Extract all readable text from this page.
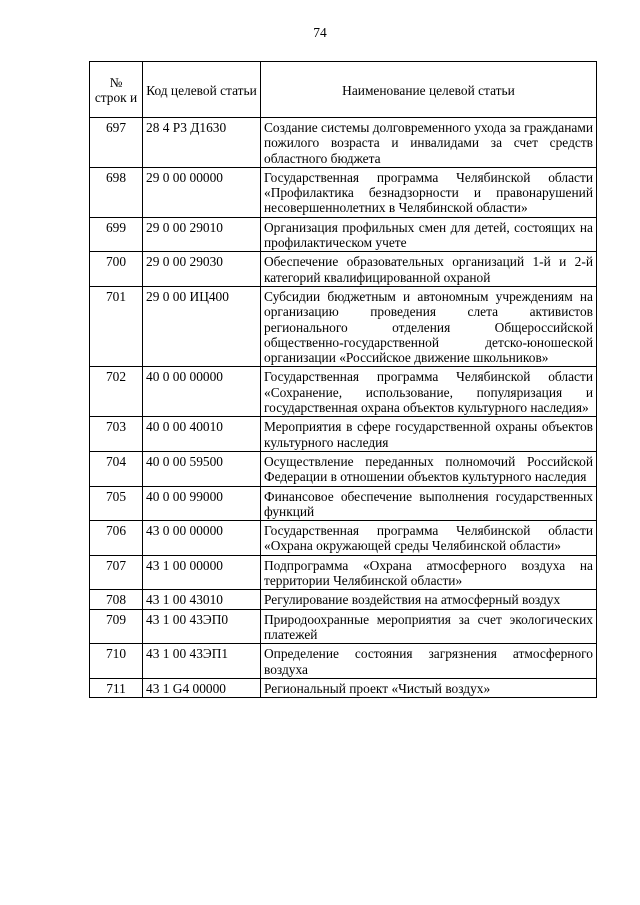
74
№ строк и	Код целевой статьи	Наименование целевой статьи
697	28 4 Р3 Д1630	Создание системы долговременного ухода за гражданами пожилого возраста и инвалидами за счет средств областного бюджета
698	29 0 00 00000	Государственная программа Челябинской области «Профилактика безнадзорности и правонарушений несовершеннолетних в Челябинской области»
699	29 0 00 29010	Организация профильных смен для детей, состоящих на профилактическом учете
700	29 0 00 29030	Обеспечение образовательных организаций 1-й и 2-й категорий квалифицированной охраной
701	29 0 00 ИЦ400	Субсидии бюджетным и автономным учреждениям на организацию проведения слета активистов регионального отделения Общероссийской общественно-государственной детско-юношеской организации «Российское движение школьников»
702	40 0 00 00000	Государственная программа Челябинской области «Сохранение, использование, популяризация и государственная охрана объектов культурного наследия»
703	40 0 00 40010	Мероприятия в сфере государственной охраны объектов культурного наследия
704	40 0 00 59500	Осуществление переданных полномочий Российской Федерации в отношении объектов культурного наследия
705	40 0 00 99000	Финансовое обеспечение выполнения государственных функций
706	43 0 00 00000	Государственная программа Челябинской области «Охрана окружающей среды Челябинской области»
707	43 1 00 00000	Подпрограмма «Охрана атмосферного воздуха на территории Челябинской области»
708	43 1 00 43010	Регулирование воздействия на атмосферный воздух
709	43 1 00 43ЭП0	Природоохранные мероприятия за счет экологических платежей
710	43 1 00 43ЭП1	Определение состояния загрязнения атмосферного воздуха
711	43 1 G4 00000	Региональный проект «Чистый воздух»
